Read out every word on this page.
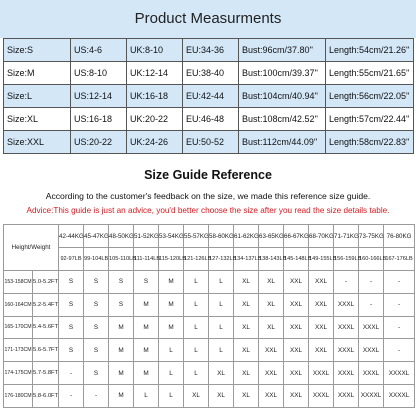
Product Measurments
Size:S	US:4-6	UK:8-10	EU:34-36	Bust:96cm/37.80''	Length:54cm/21.26''
Size:M	US:8-10	UK:12-14	EU:38-40	Bust:100cm/39.37''	Length:55cm/21.65''
Size:L	US:12-14	UK:16-18	EU:42-44	Bust:104cm/40.94''	Length:56cm/22.05''
Size:XL	US:16-18	UK:20-22	EU:46-48	Bust:108cm/42.52''	Length:57cm/22.44''
Size:XXL	US:20-22	UK:24-26	EU:50-52	Bust:112cm/44.09''	Length:58cm/22.83''
Size Guide Reference
According to the customer's feedback on the size, we made this reference size guide.
Advice:This guide is just an advice, you'd better choose the size after you read the size details table.
Height/Weight		42-44KG	45-47KG	48-50KG	51-52KG	53-54KG	55-57KG	58-60KG	61-62KG	63-65KG	66-67KG	68-70KG	71-71KG	73-75KG	76-80KG
		92-97LB	99-104LB	105-110LB	111-114LB	115-120LB	121-126LB	127-132LB	134-137LB	138-143LB	145-148LB	149-155LB	156-159LB	160-166LB	167-176LB
153-158CM	5.0-5.2FT	S	S	S	S	M	L	L	XL	XL	XXL	XXL	-	-	-
160-164CM	5.2-5.4FT	S	S	S	M	M	L	L	XL	XL	XXL	XXL	XXXL	-	-
165-170CM	5.4-5.6FT	S	S	M	M	M	L	L	XL	XL	XXL	XXL	XXXL	XXXL	-
171-173CM	5.6-5.7FT	S	S	M	M	L	L	L	XL	XXL	XXL	XXL	XXXL	XXXL	-
174-175CM	5.7-5.8FT	-	S	M	M	L	L	XL	XL	XXL	XXL	XXXL	XXXL	XXXL	XXXXL
176-180CM	5.8-6.0FT	-	-	M	L	L	XL	XL	XL	XXL	XXL	XXXL	XXXL	XXXXL	XXXXL
